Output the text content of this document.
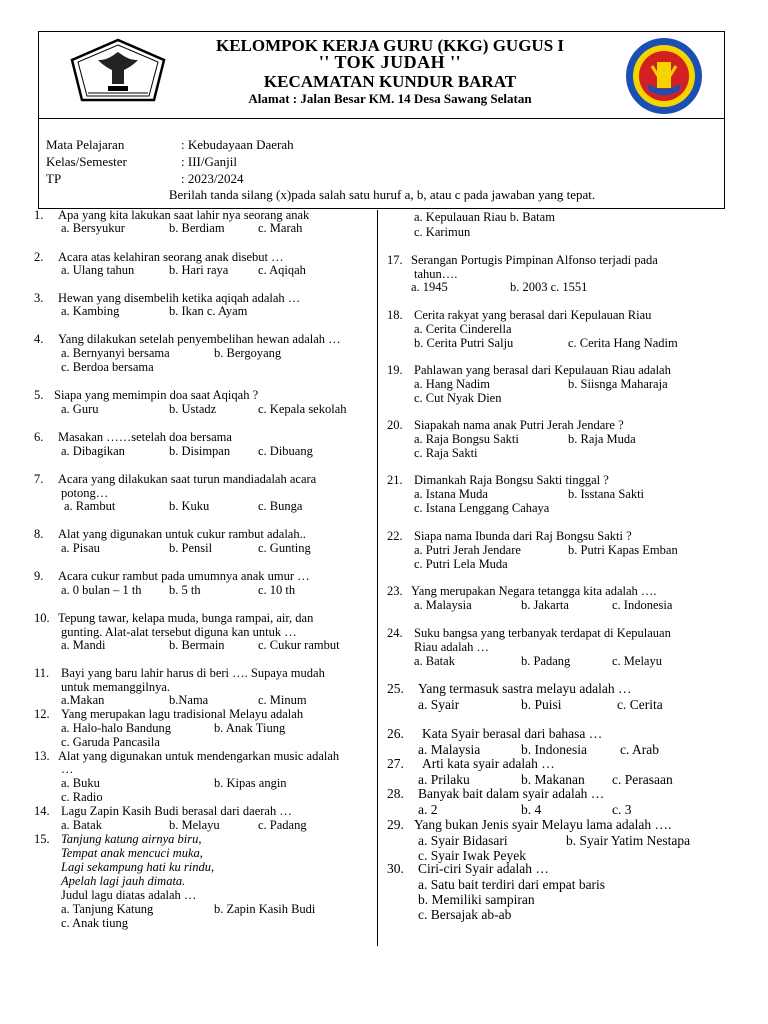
KELOMPOK KERJA GURU (KKG) GUGUS I
'' TOK JUDAH ''
KECAMATAN KUNDUR BARAT
Alamat : Jalan Besar KM. 14 Desa Sawang Selatan
Mata Pelajaran	: Kebudayaan Daerah
Kelas/Semester	: III/Ganjil
TP	: 2023/2024
Berilah tanda silang (x)pada salah satu huruf a, b, atau c pada jawaban yang tepat.
1. Apa yang kita lakukan saat lahir nya seorang anak
a. Bersyukur	b. Berdiam	c. Marah
2. Acara atas kelahiran seorang anak disebut …
a. Ulang tahun	b. Hari raya c. Aqiqah
3. Hewan yang disembelih ketika aqiqah adalah …
a. Kambing	b. Ikan c. Ayam
4. Yang dilakukan setelah penyembelihan hewan adalah …
a. Bernyanyi bersama	b. Bergoyang
c. Berdoa bersama
5. Siapa yang memimpin doa saat Aqiqah ?
a. Guru	b. Ustadz	c. Kepala sekolah
6. Masakan ……setelah doa bersama
a. Dibagikan	b. Disimpan c. Dibuang
7. Acara yang dilakukan saat turun mandiadalah acara
potong…
a. Rambut	b. Kuku	c. Bunga
8. Alat yang digunakan untuk cukur rambut adalah..
a. Pisau	b. Pensil	c. Gunting
9. Acara cukur rambut pada umumnya anak umur …
a. 0 bulan – 1 th b. 5 th	c. 10 th
10. Tepung tawar, kelapa muda, bunga rampai, air, dan
gunting. Alat-alat tersebut diguna kan untuk …
a. Mandi	b. Bermain	c. Cukur rambut
11. Bayi yang baru lahir harus di beri …. Supaya mudah
untuk memanggilnya.
a.Makan	b.Nama	c. Minum
12. Yang merupakan lagu tradisional Melayu adalah
a. Halo-halo Bandung	b. Anak Tiung
c. Garuda Pancasila
13. Alat yang digunakan untuk mendengarkan music adalah
…
a. Buku	b. Kipas angin
c. Radio
14. Lagu Zapin Kasih Budi berasal dari daerah …
a. Batak	b. Melayu	c. Padang
15. Tanjung katung airnya biru,
Tempat anak mencuci muka,
Lagi sekampung hati ku rindu,
Apelah lagi jauh dimata.
Judul lagu diatas adalah …
a. Tanjung Katung	b. Zapin Kasih Budi
c. Anak tiung
a. Kepulauan Riau b. Batam
c. Karimun
17. Serangan Portugis Pimpinan Alfonso terjadi pada
tahun….
a. 1945	b. 2003 c. 1551
18. Cerita rakyat yang berasal dari Kepulauan Riau
a. Cerita Cinderella
b. Cerita Putri Salju	c. Cerita Hang Nadim
19. Pahlawan yang berasal dari Kepulauan Riau adalah
a. Hang Nadim	b. Siisnga Maharaja
c. Cut Nyak Dien
20. Siapakah nama anak Putri Jerah Jendare ?
a. Raja Bongsu Sakti	b. Raja Muda
c. Raja Sakti
21. Dimankah Raja Bongsu Sakti tinggal ?
a. Istana Muda	b. Isstana Sakti
c. Istana Lenggang Cahaya
22. Siapa nama Ibunda dari Raj Bongsu Sakti ?
a. Putri Jerah Jendare	b. Putri Kapas Emban
c. Putri Lela Muda
23. Yang merupakan Negara tetangga kita adalah ….
a. Malaysia	b. Jakarta	c. Indonesia
24. Suku bangsa yang terbanyak terdapat di Kepulauan
Riau adalah …
a. Batak	b. Padang	c. Melayu
25. Yang termasuk sastra melayu adalah …
a. Syair	b. Puisi	c. Cerita
26. Kata Syair berasal dari bahasa …
a. Malaysia	b. Indonesia c. Arab
27. Arti kata syair adalah …
a. Prilaku	b. Makanan c. Perasaan
28. Banyak bait dalam syair adalah …
a. 2	b. 4	c. 3
29. Yang bukan Jenis syair Melayu lama adalah ….
a. Syair Bidasari	b. Syair Yatim Nestapa
c. Syair Iwak Peyek
30. Ciri-ciri Syair adalah …
a. Satu bait terdiri dari empat baris
b. Memiliki sampiran
c. Bersajak ab-ab
